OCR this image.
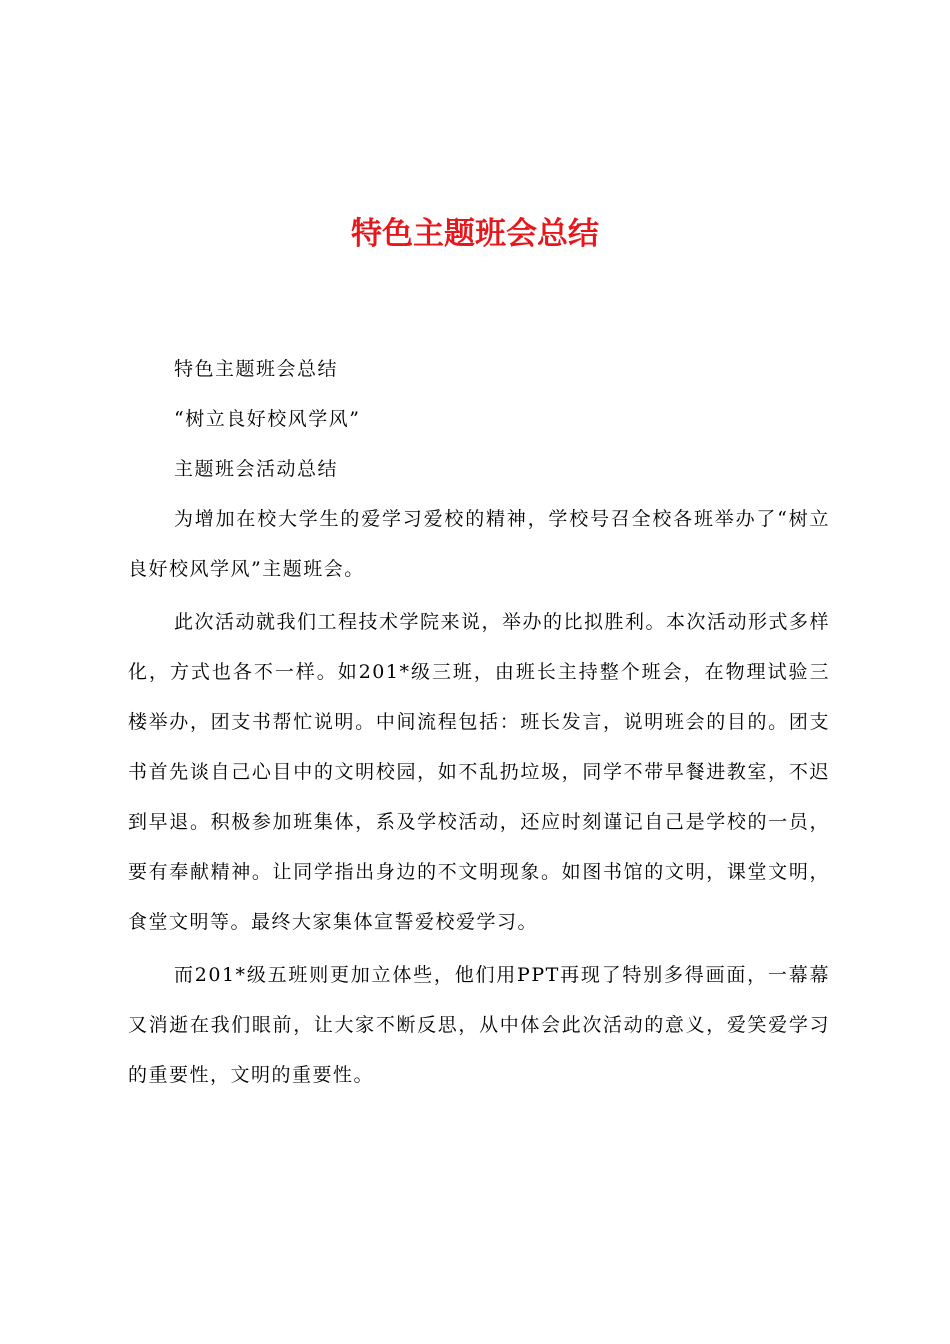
特色主题班会总结

特色主题班会总结

“树立良好校风学风”

主题班会活动总结

为增加在校大学生的爱学习爱校的精神，学校号召全校各班举办了“树立良好校风学风”主题班会。

此次活动就我们工程技术学院来说，举办的比拟胜利。本次活动形式多样化，方式也各不一样。如201*级三班，由班长主持整个班会，在物理试验三楼举办，团支书帮忙说明。中间流程包括：班长发言，说明班会的目的。团支书首先谈自己心目中的文明校园，如不乱扔垃圾，同学不带早餐进教室，不迟到早退。积极参加班集体，系及学校活动，还应时刻谨记自己是学校的一员，要有奉献精神。让同学指出身边的不文明现象。如图书馆的文明，课堂文明，食堂文明等。最终大家集体宣誓爱校爱学习。

而201*级五班则更加立体些，他们用PPT再现了特别多得画面，一幕幕又消逝在我们眼前，让大家不断反思，从中体会此次活动的意义，爱笑爱学习的重要性，文明的重要性。
